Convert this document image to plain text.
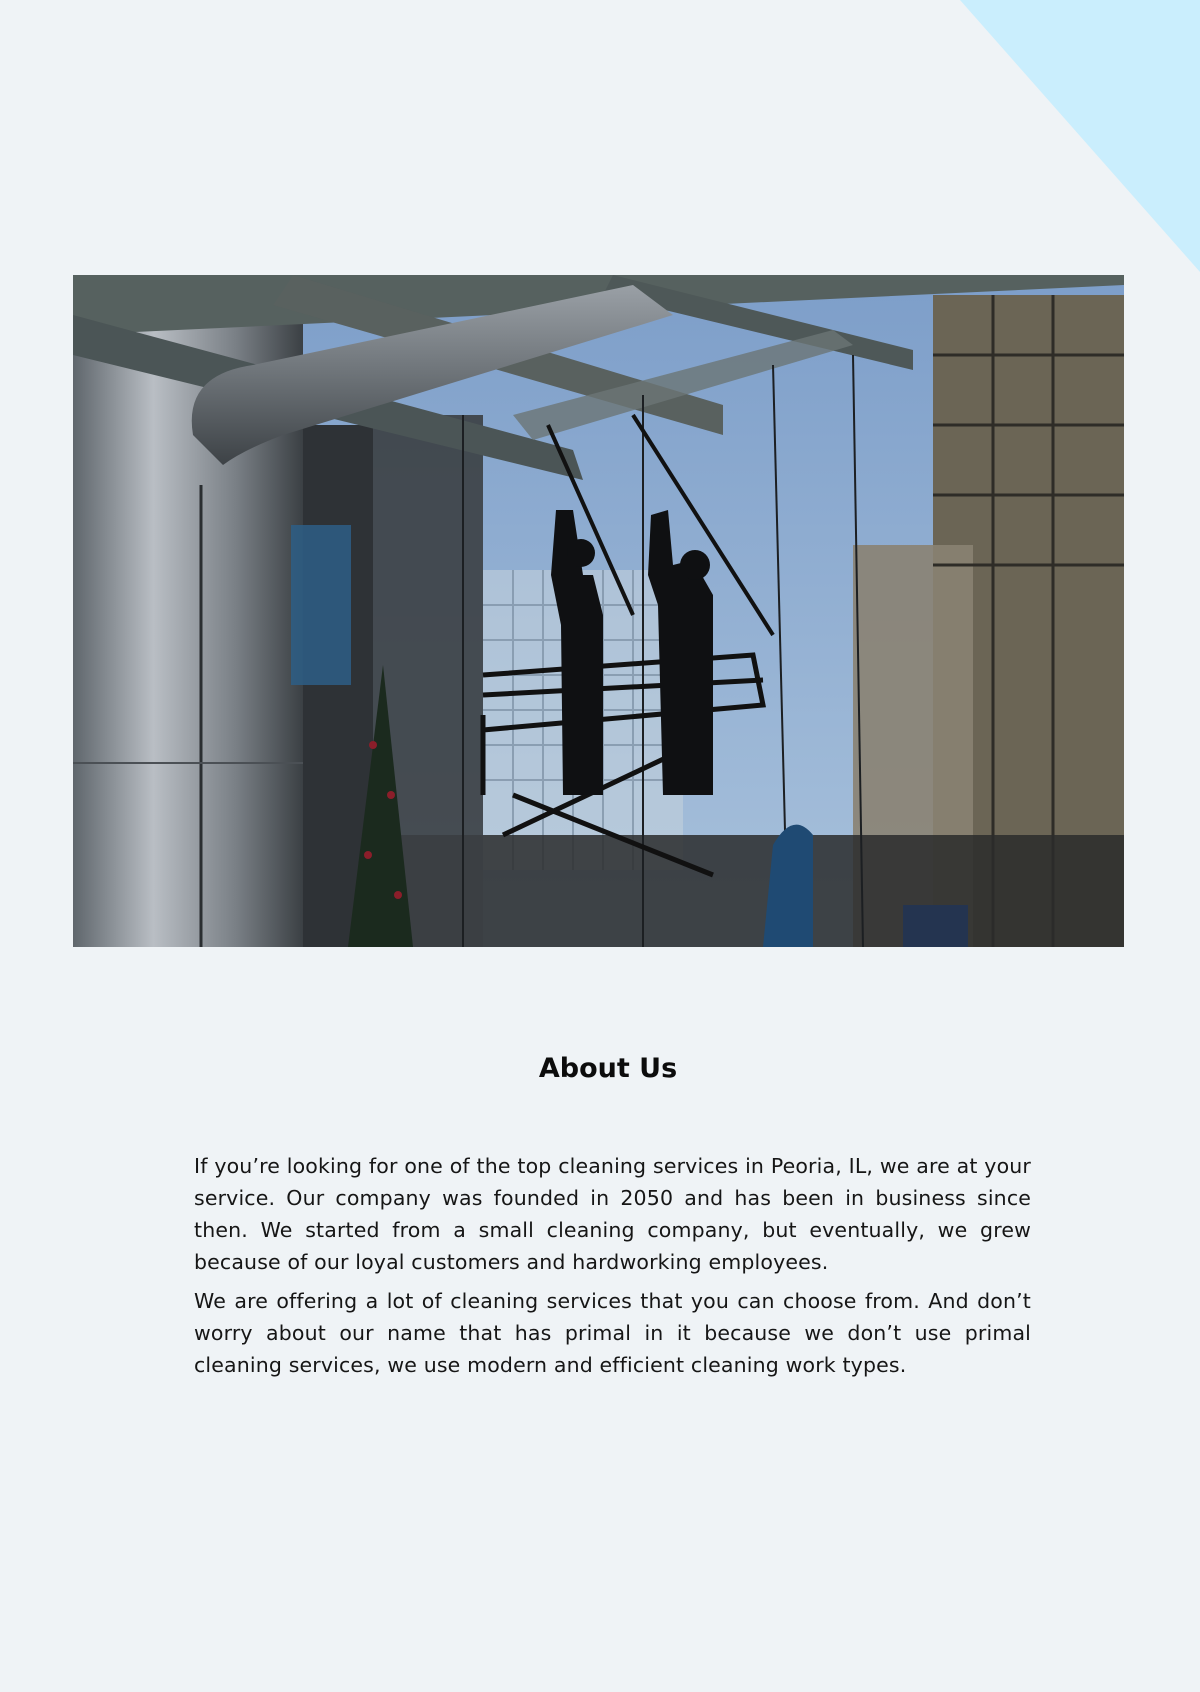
About Us

If you’re looking for one of the top cleaning services in Peoria, IL, we are at your service. Our company was founded in 2050 and has been in business since then. We started from a small cleaning company, but eventually, we grew because of our loyal customers and hardworking employees.

We are offering a lot of cleaning services that you can choose from. And don’t worry about our name that has primal in it because we don’t use primal cleaning services, we use modern and efficient cleaning work types.
